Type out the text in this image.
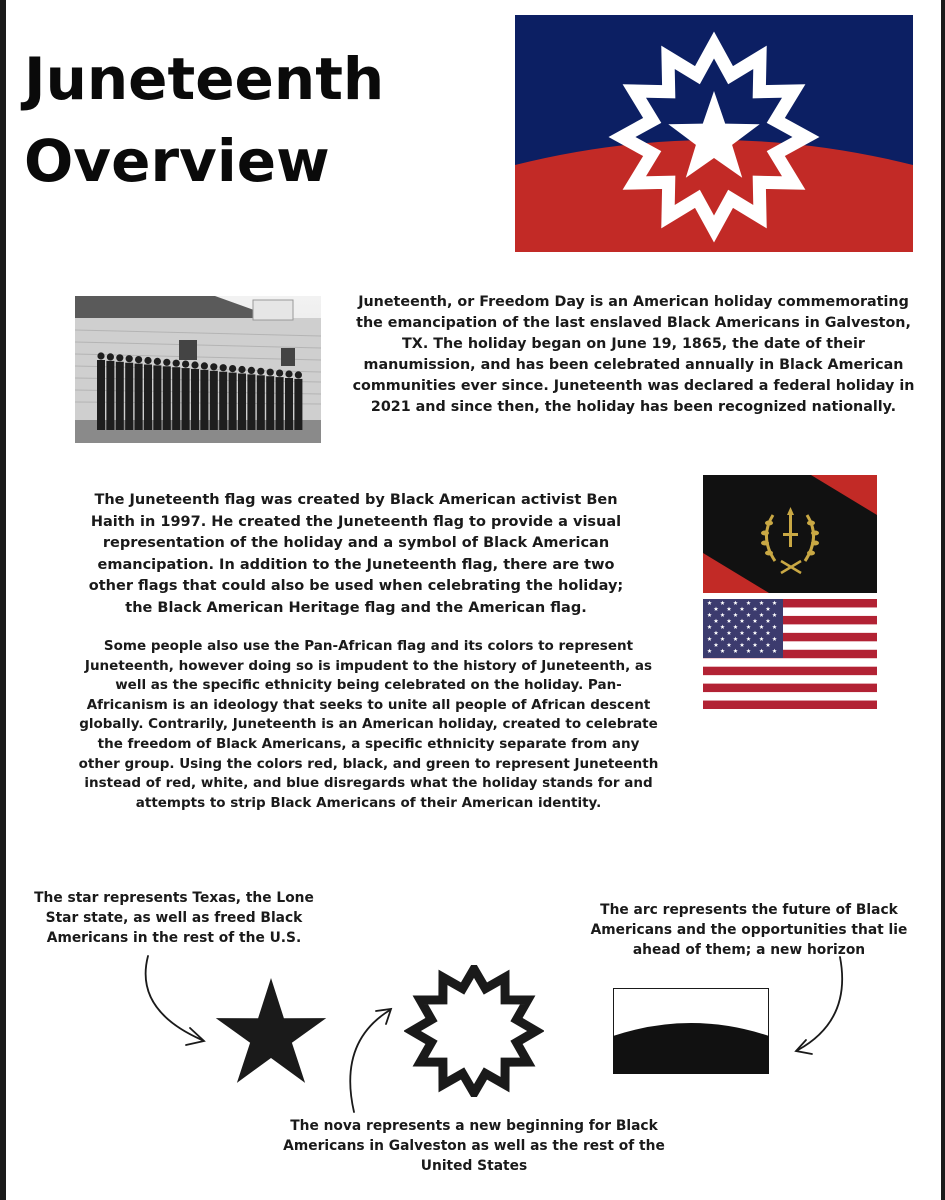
Juneteenth
Overview
Juneteenth, or Freedom Day is an American holiday commemorating the emancipation of the last enslaved Black Americans in Galveston, TX. The holiday began on June 19, 1865, the date of their manumission, and has been celebrated annually in Black American communities ever since. Juneteenth was declared a federal holiday in 2021 and since then, the holiday has been recognized nationally.
The Juneteenth flag was created by Black American activist Ben Haith in 1997. He created the Juneteenth flag to provide a visual representation of the holiday and a symbol of Black American emancipation. In addition to the Juneteenth flag, there are two other flags that could also be used when celebrating the holiday; the Black American Heritage flag and the American flag.
Some people also use the Pan-African flag and its colors to represent Juneteenth, however doing so is impudent to the history of Juneteenth, as well as the specific ethnicity being celebrated on the holiday. Pan-Africanism is an ideology that seeks to unite all people of African descent globally. Contrarily, Juneteenth is an American holiday, created to celebrate the freedom of Black Americans, a specific ethnicity separate from any other group. Using the colors red, black, and green to represent Juneteenth instead of red, white, and blue disregards what the holiday stands for and attempts to strip Black Americans of their American identity.
The star represents Texas, the Lone Star state, as well as freed Black Americans in the rest of the U.S.
The arc represents the future of Black Americans and the opportunities that lie ahead of them; a new horizon
The nova represents a new beginning for Black Americans in Galveston as well as the rest of the United States
